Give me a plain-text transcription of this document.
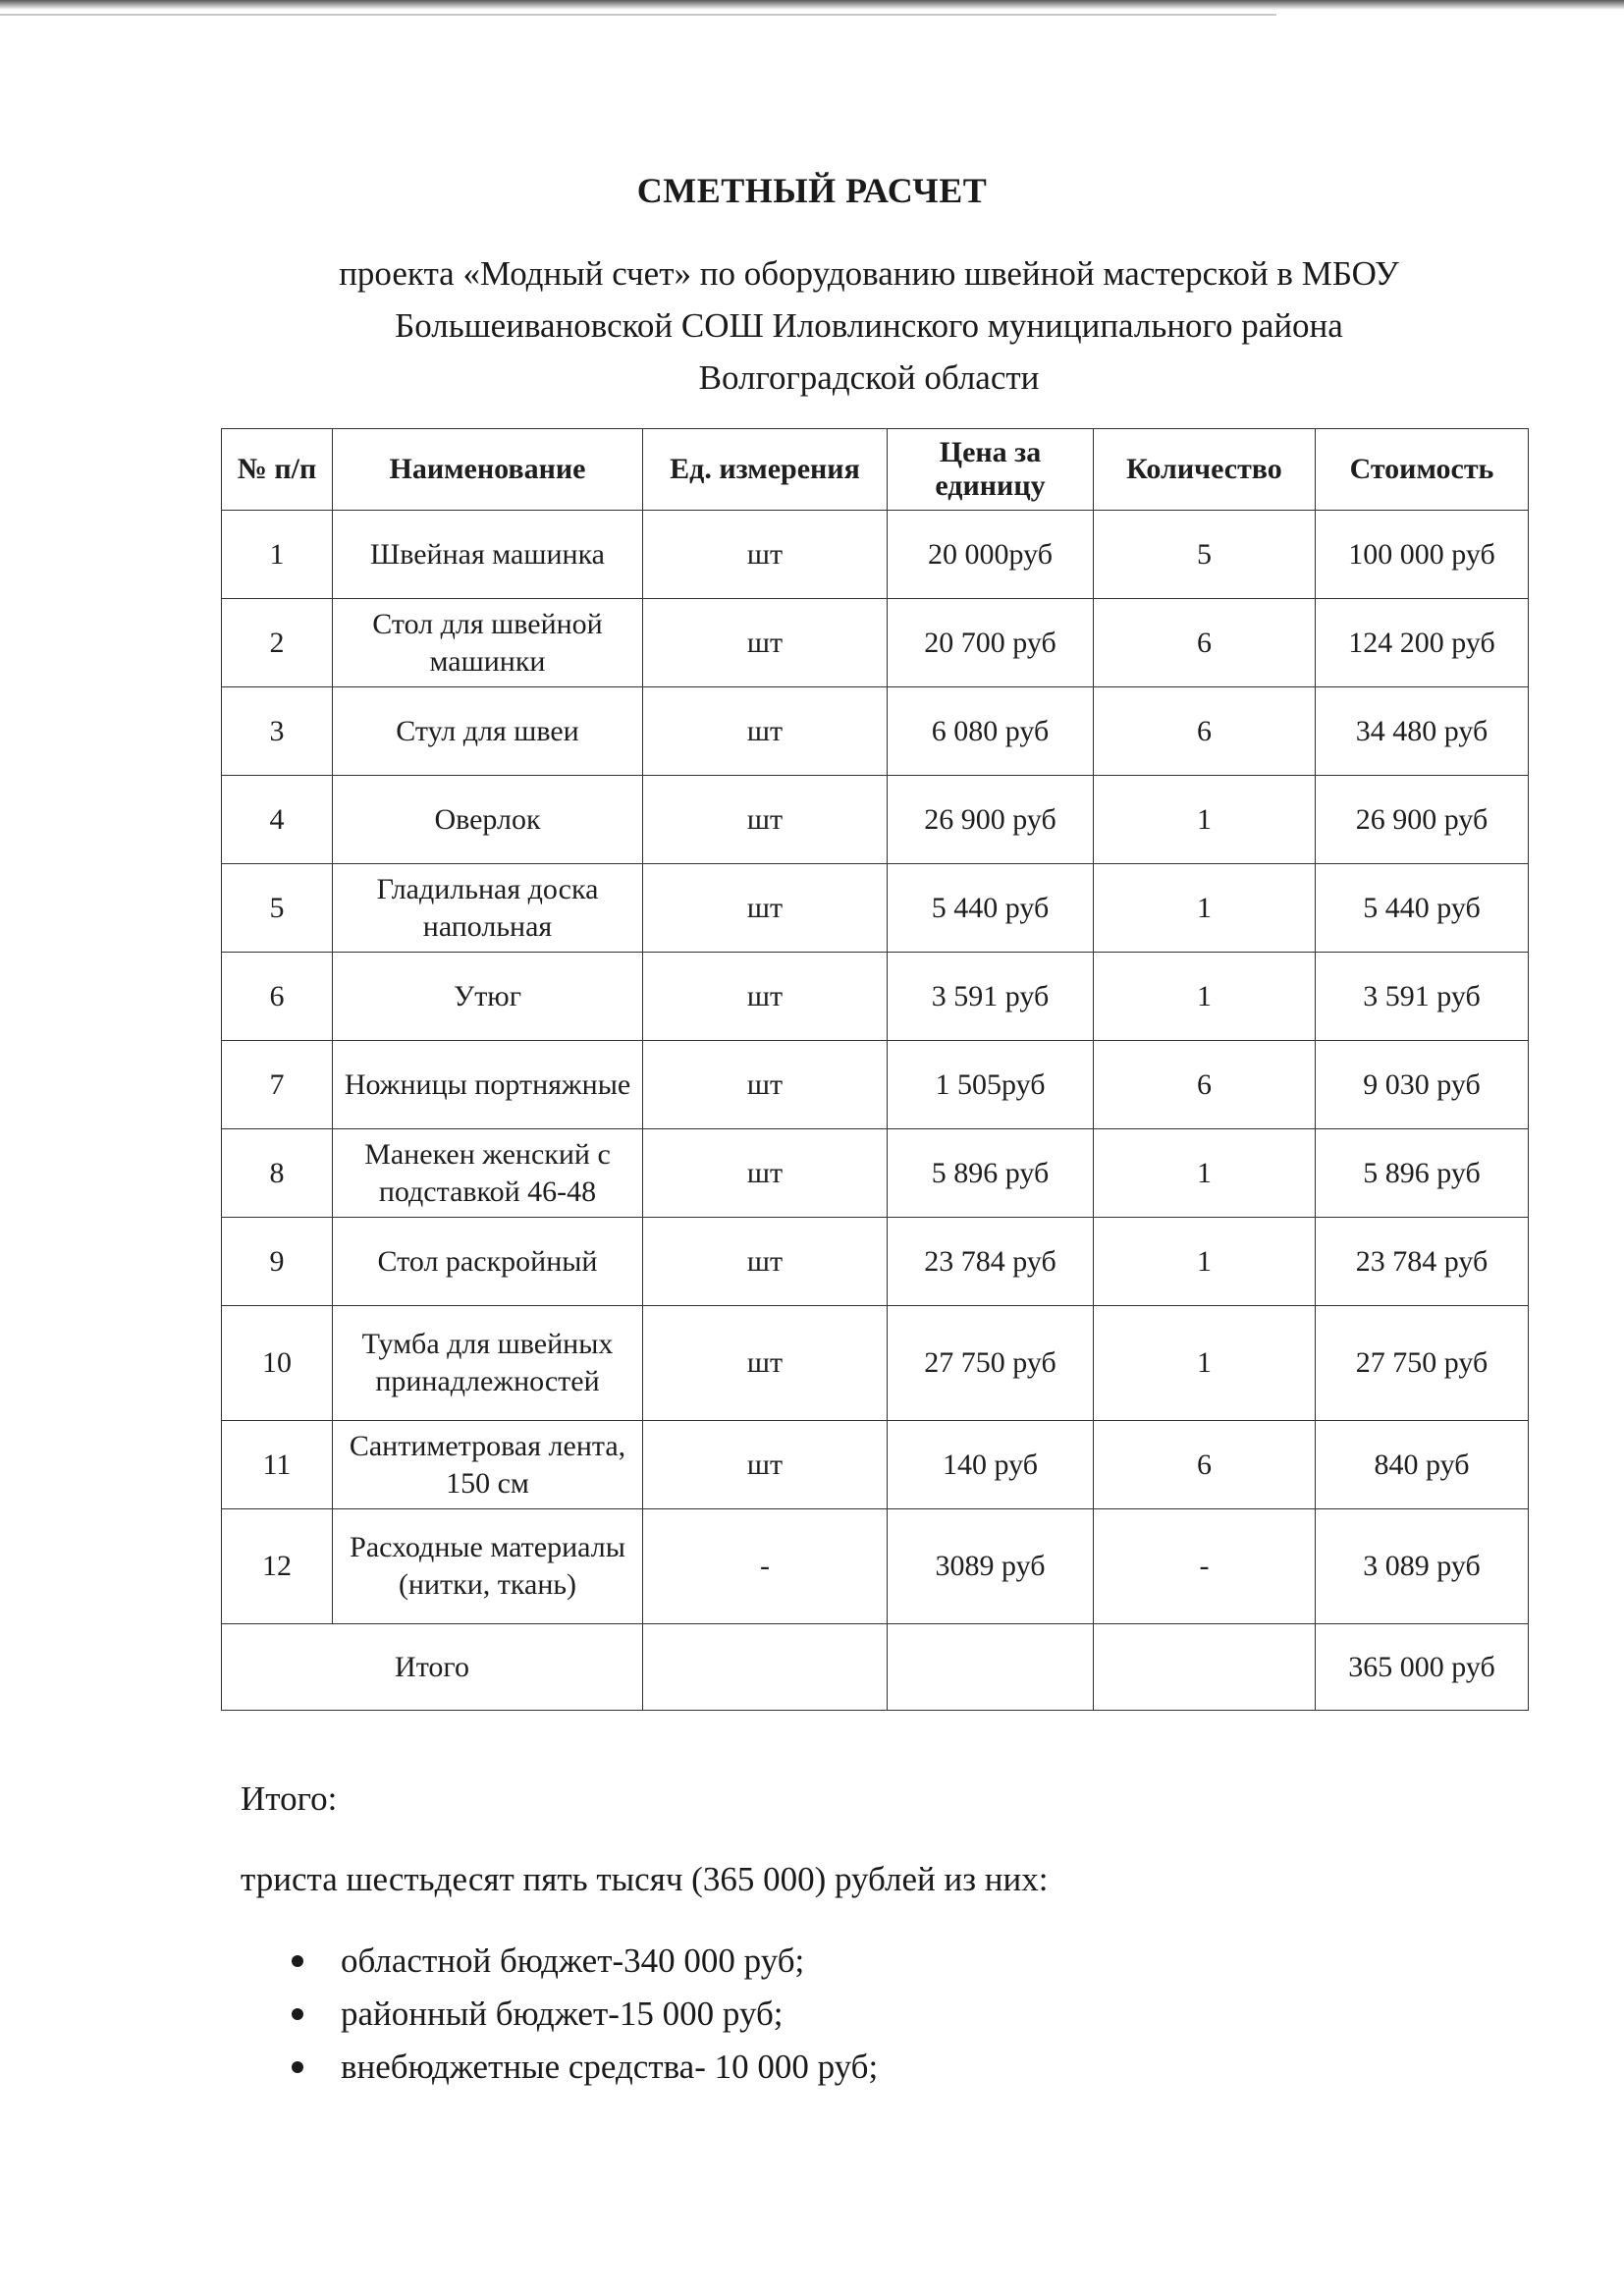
СМЕТНЫЙ РАСЧЕТ
проекта «Модный счет» по оборудованию швейной мастерской в МБОУ
Большеивановской СОШ Иловлинского муниципального района
Волгоградской области
№ п/п	Наименование	Ед. измерения	Цена за единицу	Количество	Стоимость
1	Швейная машинка	шт	20 000руб	5	100 000 руб
2	Стол для швейной машинки	шт	20 700 руб	6	124 200 руб
3	Стул для швеи	шт	6 080 руб	6	34 480 руб
4	Оверлок	шт	26 900 руб	1	26 900 руб
5	Гладильная доска напольная	шт	5 440 руб	1	5 440 руб
6	Утюг	шт	3 591 руб	1	3 591 руб
7	Ножницы портняжные	шт	1 505руб	6	9 030 руб
8	Манекен женский с подставкой 46-48	шт	5 896 руб	1	5 896 руб
9	Стол раскройный	шт	23 784 руб	1	23 784 руб
10	Тумба для швейных принадлежностей	шт	27 750 руб	1	27 750 руб
11	Сантиметровая лента, 150 см	шт	140 руб	6	840 руб
12	Расходные материалы (нитки, ткань)	-	3089 руб	-	3 089 руб
Итого					365 000 руб
Итого:
триста шестьдесят пять тысяч (365 000) рублей из них:
областной бюджет-340 000 руб;
районный бюджет-15 000 руб;
внебюджетные средства- 10 000 руб;
